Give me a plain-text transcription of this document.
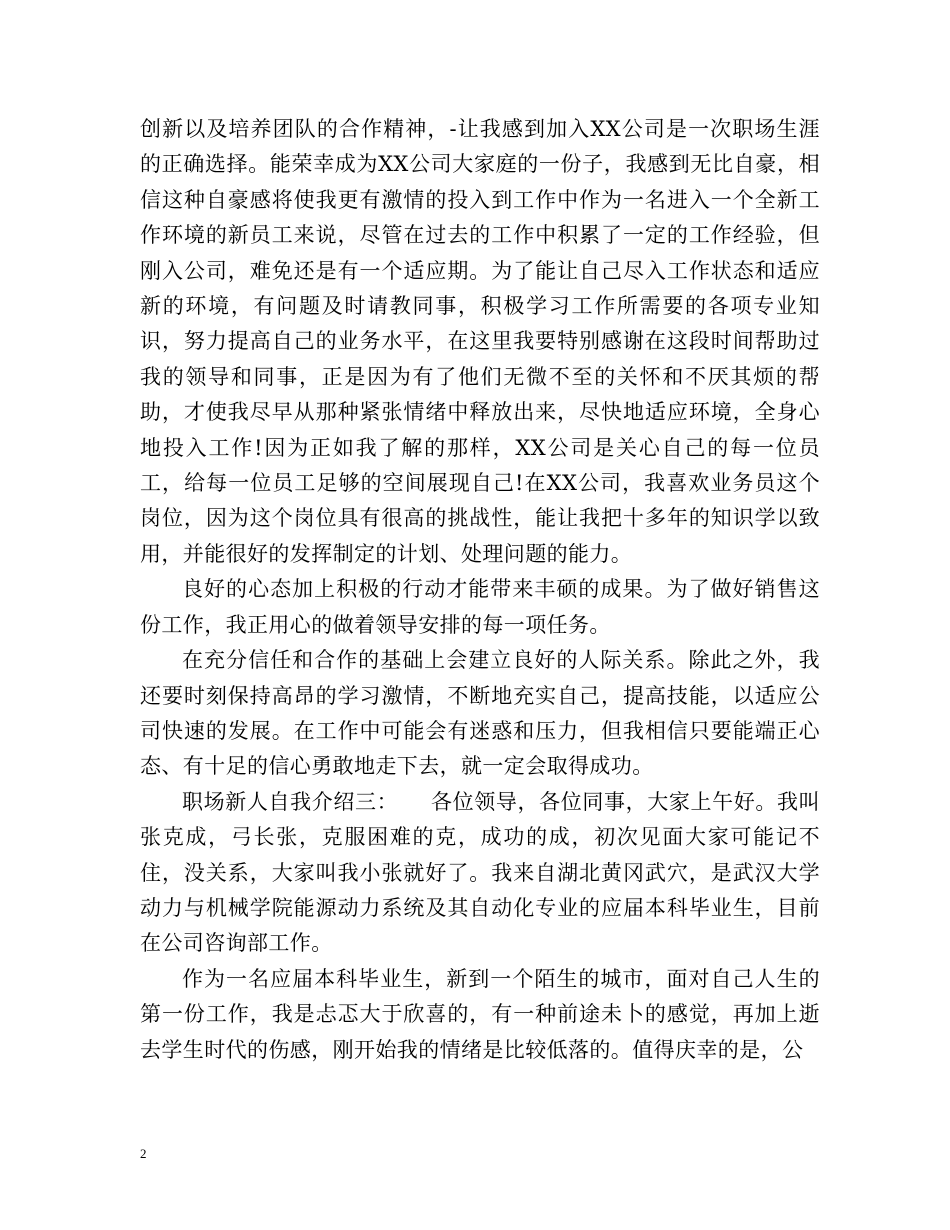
创新以及培养团队的合作精神，-让我感到加入XX公司是一次职场生涯的正确选择。能荣幸成为XX公司大家庭的一份子，我感到无比自豪，相信这种自豪感将使我更有激情的投入到工作中作为一名进入一个全新工作环境的新员工来说，尽管在过去的工作中积累了一定的工作经验，但刚入公司，难免还是有一个适应期。为了能让自己尽入工作状态和适应新的环境，有问题及时请教同事，积极学习工作所需要的各项专业知识，努力提高自己的业务水平，在这里我要特别感谢在这段时间帮助过我的领导和同事，正是因为有了他们无微不至的关怀和不厌其烦的帮助，才使我尽早从那种紧张情绪中释放出来，尽快地适应环境，全身心地投入工作!因为正如我了解的那样，XX公司是关心自己的每一位员工，给每一位员工足够的空间展现自己!在XX公司，我喜欢业务员这个岗位，因为这个岗位具有很高的挑战性，能让我把十多年的知识学以致用，并能很好的发挥制定的计划、处理问题的能力。

良好的心态加上积极的行动才能带来丰硕的成果。为了做好销售这份工作，我正用心的做着领导安排的每一项任务。

在充分信任和合作的基础上会建立良好的人际关系。除此之外，我还要时刻保持高昂的学习激情，不断地充实自己，提高技能，以适应公司快速的发展。在工作中可能会有迷惑和压力，但我相信只要能端正心态、有十足的信心勇敢地走下去，就一定会取得成功。

职场新人自我介绍三：　　各位领导，各位同事，大家上午好。我叫张克成，弓长张，克服困难的克，成功的成，初次见面大家可能记不住，没关系，大家叫我小张就好了。我来自湖北黄冈武穴，是武汉大学动力与机械学院能源动力系统及其自动化专业的应届本科毕业生，目前在公司咨询部工作。

作为一名应届本科毕业生，新到一个陌生的城市，面对自己人生的第一份工作，我是忐忑大于欣喜的，有一种前途未卜的感觉，再加上逝去学生时代的伤感，刚开始我的情绪是比较低落的。值得庆幸的是，公

2
